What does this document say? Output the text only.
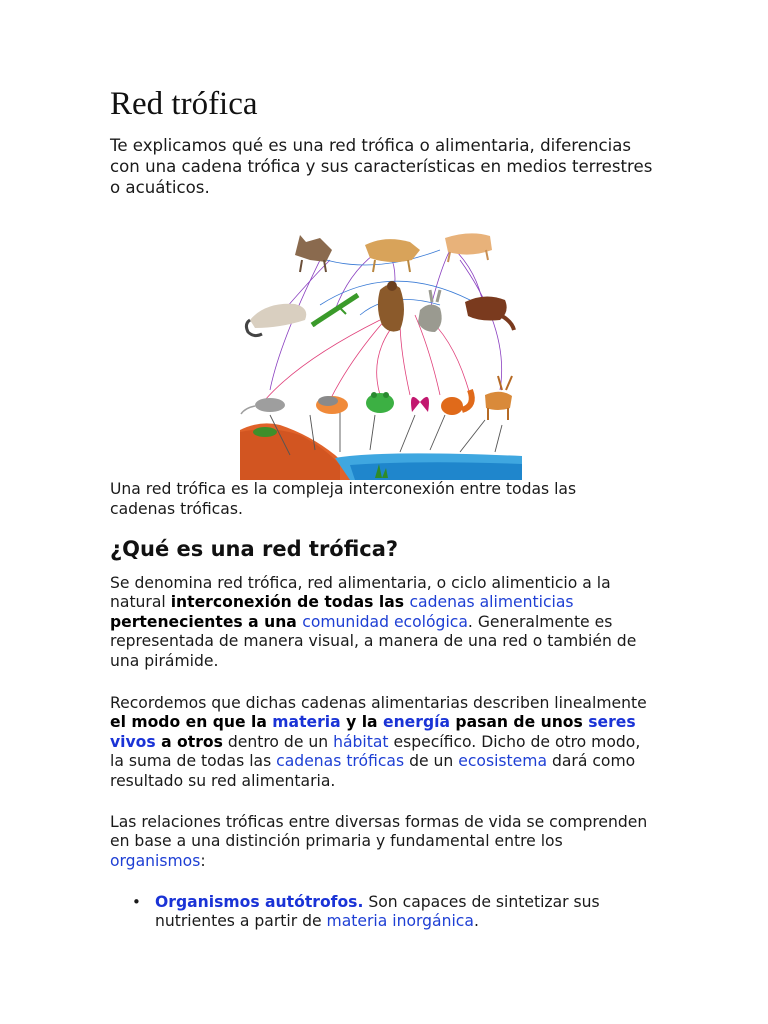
Red trófica

Te explicamos qué es una red trófica o alimentaria, diferencias con una cadena trófica y sus características en medios terrestres o acuáticos.

Una red trófica es la compleja interconexión entre todas las cadenas tróficas.

¿Qué es una red trófica?

Se denomina red trófica, red alimentaria, o ciclo alimenticio a la natural interconexión de todas las cadenas alimenticias pertenecientes a una comunidad ecológica. Generalmente es representada de manera visual, a manera de una red o también de una pirámide.

Recordemos que dichas cadenas alimentarias describen linealmente el modo en que la materia y la energía pasan de unos seres vivos a otros dentro de un hábitat específico. Dicho de otro modo, la suma de todas las cadenas tróficas de un ecosistema dará como resultado su red alimentaria.

Las relaciones tróficas entre diversas formas de vida se comprenden en base a una distinción primaria y fundamental entre los organismos:

• Organismos autótrofos. Son capaces de sintetizar sus nutrientes a partir de materia inorgánica.
